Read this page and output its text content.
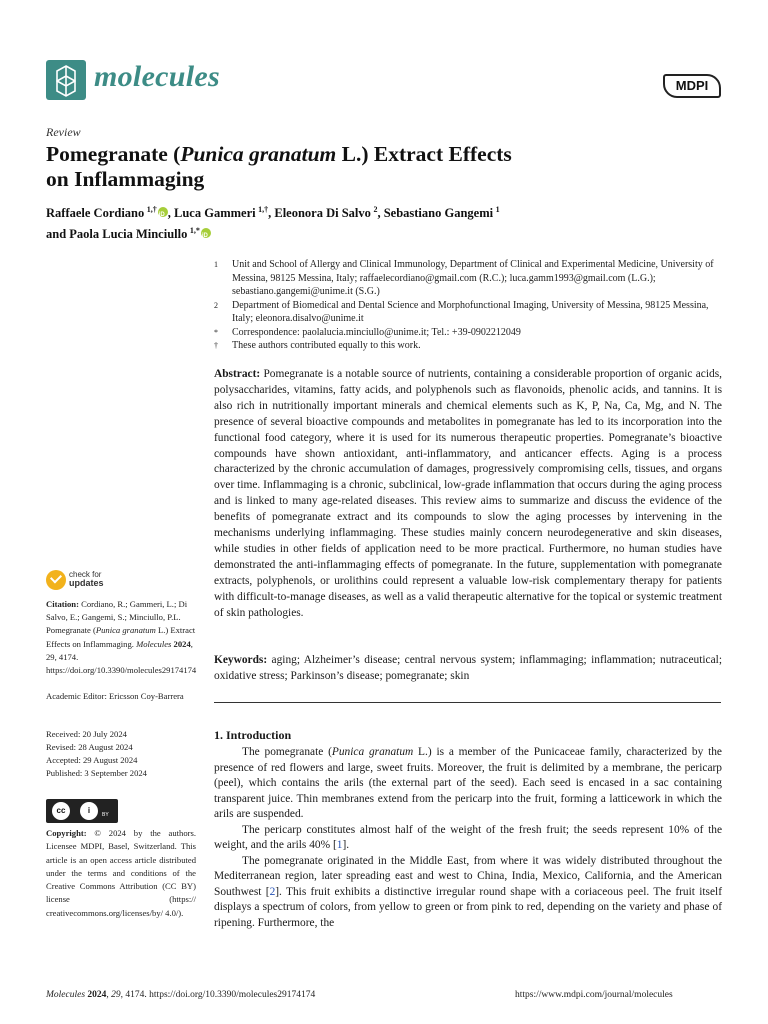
molecules	MDPI
Review
Pomegranate (Punica granatum L.) Extract Effects
on Inflammaging
Raffaele Cordiano  $^{1,\dagger}$iD , Luca Gammeri  $^{1,\dagger}$, Eleonora Di Salvo  $^2$, Sebastiano Gangemi  $^1$
and Paola Lucia Minciullo  $^{1,*}$iD
1	Unit and School of Allergy and Clinical Immunology, Department of Clinical and Experimental Medicine, University of Messina, 98125 Messina, Italy; raffaelecordiano@gmail.com (R.C.); luca.gamm1993@gmail.com (L.G.); sebastiano.gangemi@unime.it (S.G.)
2	Department of Biomedical and Dental Science and Morphofunctional Imaging, University of Messina, 98125 Messina, Italy; eleonora.disalvo@unime.it
*	Correspondence: paolalucia.minciullo@unime.it; Tel.: +39-0902212049
†	These authors contributed equally to this work.
Abstract: Pomegranate is a notable source of nutrients, containing a considerable proportion of organic acids, polysaccharides, vitamins, fatty acids, and polyphenols such as flavonoids, phenolic acids, and tannins. It is also rich in nutritionally important minerals and chemical elements such as K, P, Na, Ca, Mg, and N. The presence of several bioactive compounds and metabolites in pomegranate has led to its incorporation into the functional food category, where it is used for its numerous therapeutic properties. Pomegranate’s bioactive compounds have shown antioxidant, anti-inflammatory, and anticancer effects. Aging is a process characterized by the chronic accumulation of damages, progressively compromising cells, tissues, and organs over time. Inflammaging is a chronic, subclinical, low-grade inflammation that occurs during the aging process and is linked to many age-related diseases. This review aims to summarize and discuss the evidence of the benefits of pomegranate extract and its compounds to slow the aging processes by intervening in the mechanisms underlying inflammaging. These studies mainly concern neurodegenerative and skin diseases, while studies in other fields of application need to be more practical. Furthermore, no human studies have demonstrated the anti-inflammaging effects of pomegranate. In the future, supplementation with pomegranate extracts, polyphenols, or urolithins could represent a valuable low-risk complementary therapy for patients with difficult-to-manage diseases, as well as a valid therapeutic alternative for the topical or systemic treatment of skin pathologies.
Keywords: aging; Alzheimer’s disease; central nervous system; inflammaging; inflammation; nutraceutical; oxidative stress; Parkinson’s disease; pomegranate; skin
1. Introduction

The pomegranate (Punica granatum L.) is a member of the Punicaceae family, characterized by the presence of red flowers and large, sweet fruits. Moreover, the fruit is delimited by a membrane, the pericarp (peel), which contains the arils (the external part of the seed). Each seed is encased in a sac containing transparent juice. Thin membranes extend from the pericarp into the fruit, forming a latticework in which the arils are suspended.

The pericarp constitutes almost half of the weight of the fresh fruit; the seeds represent 10% of the weight, and the arils 40% [1].

The pomegranate originated in the Middle East, from where it was widely distributed throughout the Mediterranean region, later spreading east and west to China, India, Mexico, California, and the American Southwest [2]. This fruit exhibits a distinctive irregular round shape with a coriaceous peel. The fruit itself displays a spectrum of colors, from yellow to green or from pink to red, depending on the variety and phase of ripening. Furthermore, the

check for
updates
Citation: Cordiano, R.; Gammeri, L.; Di Salvo, E.; Gangemi, S.; Minciullo, P.L. Pomegranate (Punica granatum L.) Extract Effects on Inflammaging. Molecules 2024, 29, 4174. https://doi.org/10.3390/molecules29174174
Academic Editor: Ericsson Coy-Barrera
Received: 20 July 2024
Revised: 28 August 2024
Accepted: 29 August 2024
Published: 3 September 2024
cc	i	BY
Copyright: © 2024 by the authors. Licensee MDPI, Basel, Switzerland. This article is an open access article distributed under the terms and conditions of the Creative Commons Attribution (CC BY) license (https:// creativecommons.org/licenses/by/ 4.0/).
Molecules 2024, 29, 4174. https://doi.org/10.3390/molecules29174174	https://www.mdpi.com/journal/molecules
